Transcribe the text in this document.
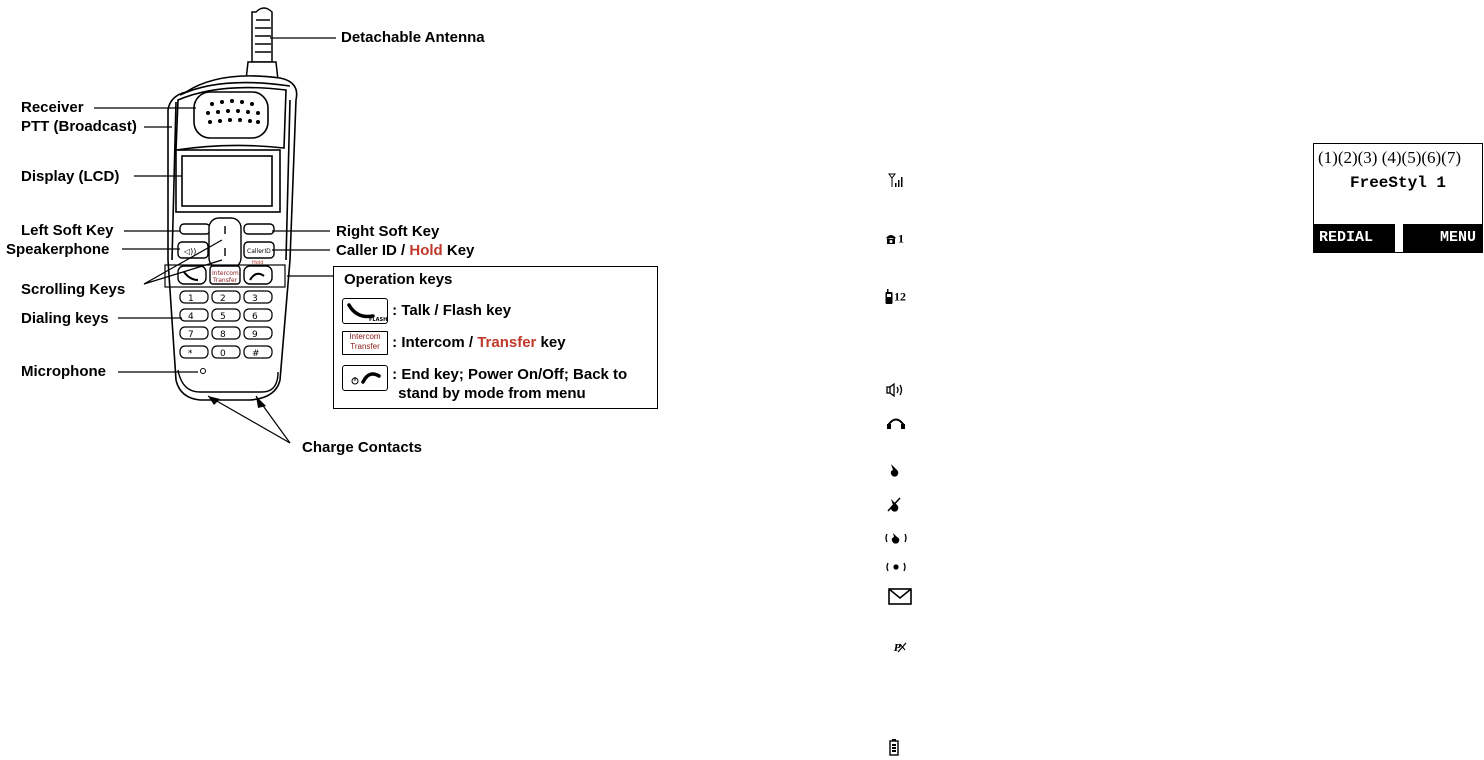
◁))	CallerID
Hold
Intercom
Transfer
1	2	3
4	5	6
7	8	9
*	0	#
Detachable Antenna
Receiver
PTT (Broadcast)
Display (LCD)
Left Soft Key
Speakerphone
Scrolling Keys
Dialing keys
Microphone
Right Soft Key
Caller ID / Hold Key
Charge Contacts
Operation keys
FLASH
: Talk / Flash key
Intercom
Transfer : Intercom / Transfer key
: End key; Power On/Off; Back to
stand by mode from menu
1
12
P
(1)(2)(3) (4)(5)(6)(7)
FreeStyl 1
REDIAL	MENU
